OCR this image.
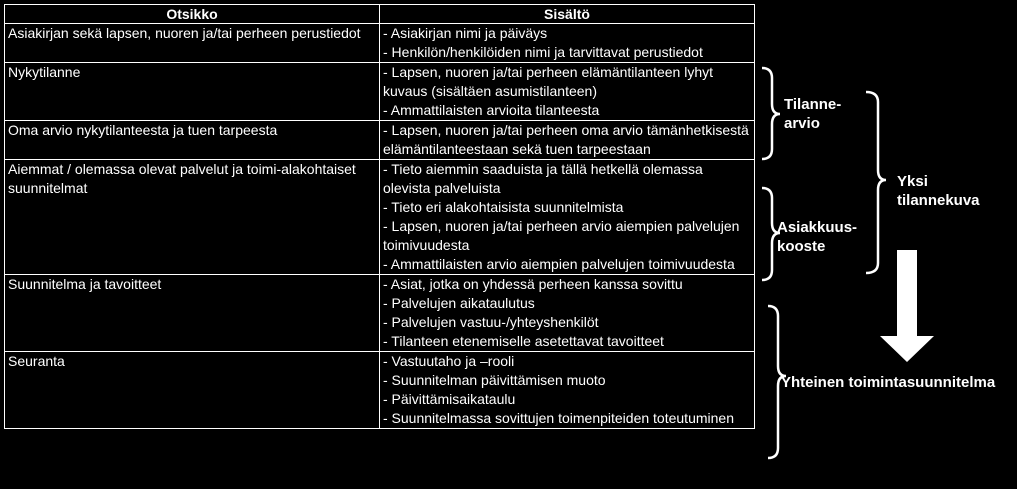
Otsikko	Sisältö
Asiakirjan sekä lapsen, nuoren ja/tai perheen perustiedot	- Asiakirjan nimi ja päiväys
- Henkilön/henkilöiden nimi ja tarvittavat perustiedot

Nykytilanne	- Lapsen, nuoren ja/tai perheen elämäntilanteen lyhyt kuvaus (sisältäen asumistilanteen)
- Ammattilaisten arvioita tilanteesta

Oma arvio nykytilanteesta ja tuen tarpeesta	- Lapsen, nuoren ja/tai perheen oma arvio tämänhetkisestä elämäntilanteestaan sekä tuen tarpeestaan

Aiemmat / olemassa olevat palvelut ja toimi-alakohtaiset suunnitelmat	- Tieto aiemmin saaduista ja tällä hetkellä olemassa olevista palveluista
- Tieto eri alakohtaisista suunnitelmista
- Lapsen, nuoren ja/tai perheen arvio aiempien palvelujen toimivuudesta
- Ammattilaisten arvio aiempien palvelujen toimivuudesta

Suunnitelma ja tavoitteet	- Asiat, jotka on yhdessä perheen kanssa sovittu
- Palvelujen aikataulutus
- Palvelujen vastuu-/yhteyshenkilöt
- Tilanteen etenemiselle asetettavat tavoitteet

Seuranta	- Vastuutaho ja –rooli
- Suunnitelman päivittämisen muoto
- Päivittämisaikataulu
- Suunnitelmassa sovittujen toimenpiteiden toteutuminen
Tilanne-
arvio
Asiakkuus-
kooste
Yksi
tilannekuva
Yhteinen toimintasuunnitelma
